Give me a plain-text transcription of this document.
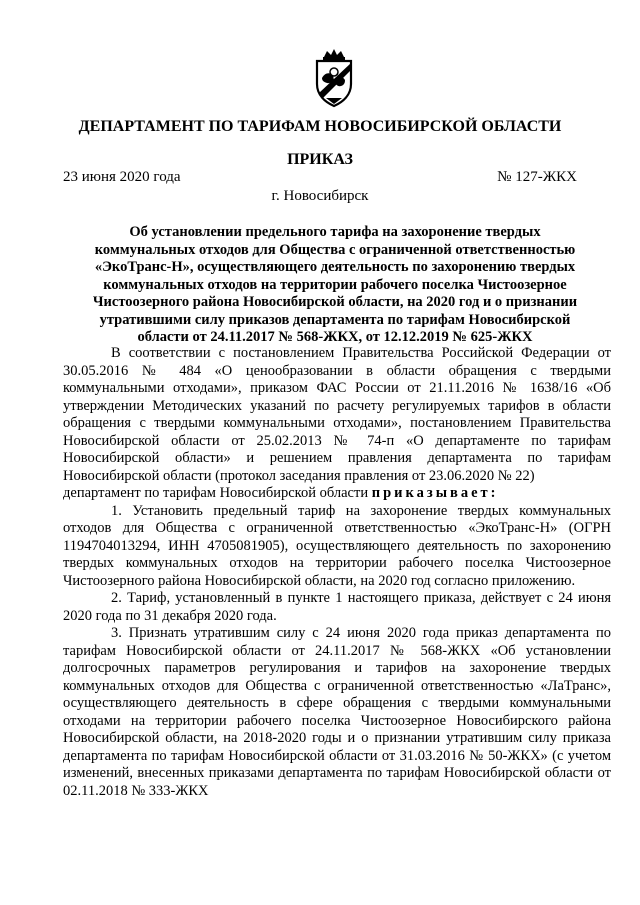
ДЕПАРТАМЕНТ ПО ТАРИФАМ НОВОСИБИРСКОЙ ОБЛАСТИ
ПРИКАЗ
23 июня 2020 года	№ 127-ЖКХ
г. Новосибирск
Об установлении предельного тарифа на захоронение твердых
коммунальных отходов для Общества с ограниченной ответственностью
«ЭкоТранс-Н», осуществляющего деятельность по захоронению твердых
коммунальных отходов на территории рабочего поселка Чистоозерное
Чистоозерного района Новосибирской области, на 2020 год и о признании
утратившими силу приказов департамента по тарифам Новосибирской
области от 24.11.2017 № 568-ЖКХ, от 12.12.2019 № 625-ЖКХ

В соответствии с постановлением Правительства Российской Федерации от 30.05.2016 № 484 «О ценообразовании в области обращения с твердыми коммунальными отходами», приказом ФАС России от 21.11.2016 № 1638/16 «Об утверждении Методических указаний по расчету регулируемых тарифов в области обращения с твердыми коммунальными отходами», постановлением Правительства Новосибирской области от 25.02.2013 № 74-п «О департаменте по тарифам Новосибирской области» и решением правления департамента по тарифам Новосибирской области (протокол заседания правления от 23.06.2020 № 22)

департамент по тарифам Новосибирской области приказывает:

1. Установить предельный тариф на захоронение твердых коммунальных отходов для Общества с ограниченной ответственностью «ЭкоТранс-Н» (ОГРН 1194704013294, ИНН 4705081905), осуществляющего деятельность по захоронению твердых коммунальных отходов на территории рабочего поселка Чистоозерное Чистоозерного района Новосибирской области, на 2020 год согласно приложению.

2. Тариф, установленный в пункте 1 настоящего приказа, действует с 24 июня 2020 года по 31 декабря 2020 года.

3. Признать утратившим силу с 24 июня 2020 года приказ департамента по тарифам Новосибирской области от 24.11.2017 № 568-ЖКХ «Об установлении долгосрочных параметров регулирования и тарифов на захоронение твердых коммунальных отходов для Общества с ограниченной ответственностью «ЛаТранс», осуществляющего деятельность в сфере обращения с твердыми коммунальными отходами на территории рабочего поселка Чистоозерное Новосибирского района Новосибирской области, на 2018-2020 годы и о признании утратившим силу приказа департамента по тарифам Новосибирской области от 31.03.2016 № 50-ЖКХ» (с учетом изменений, внесенных приказами департамента по тарифам Новосибирской области от 02.11.2018 № 333-ЖКХ
